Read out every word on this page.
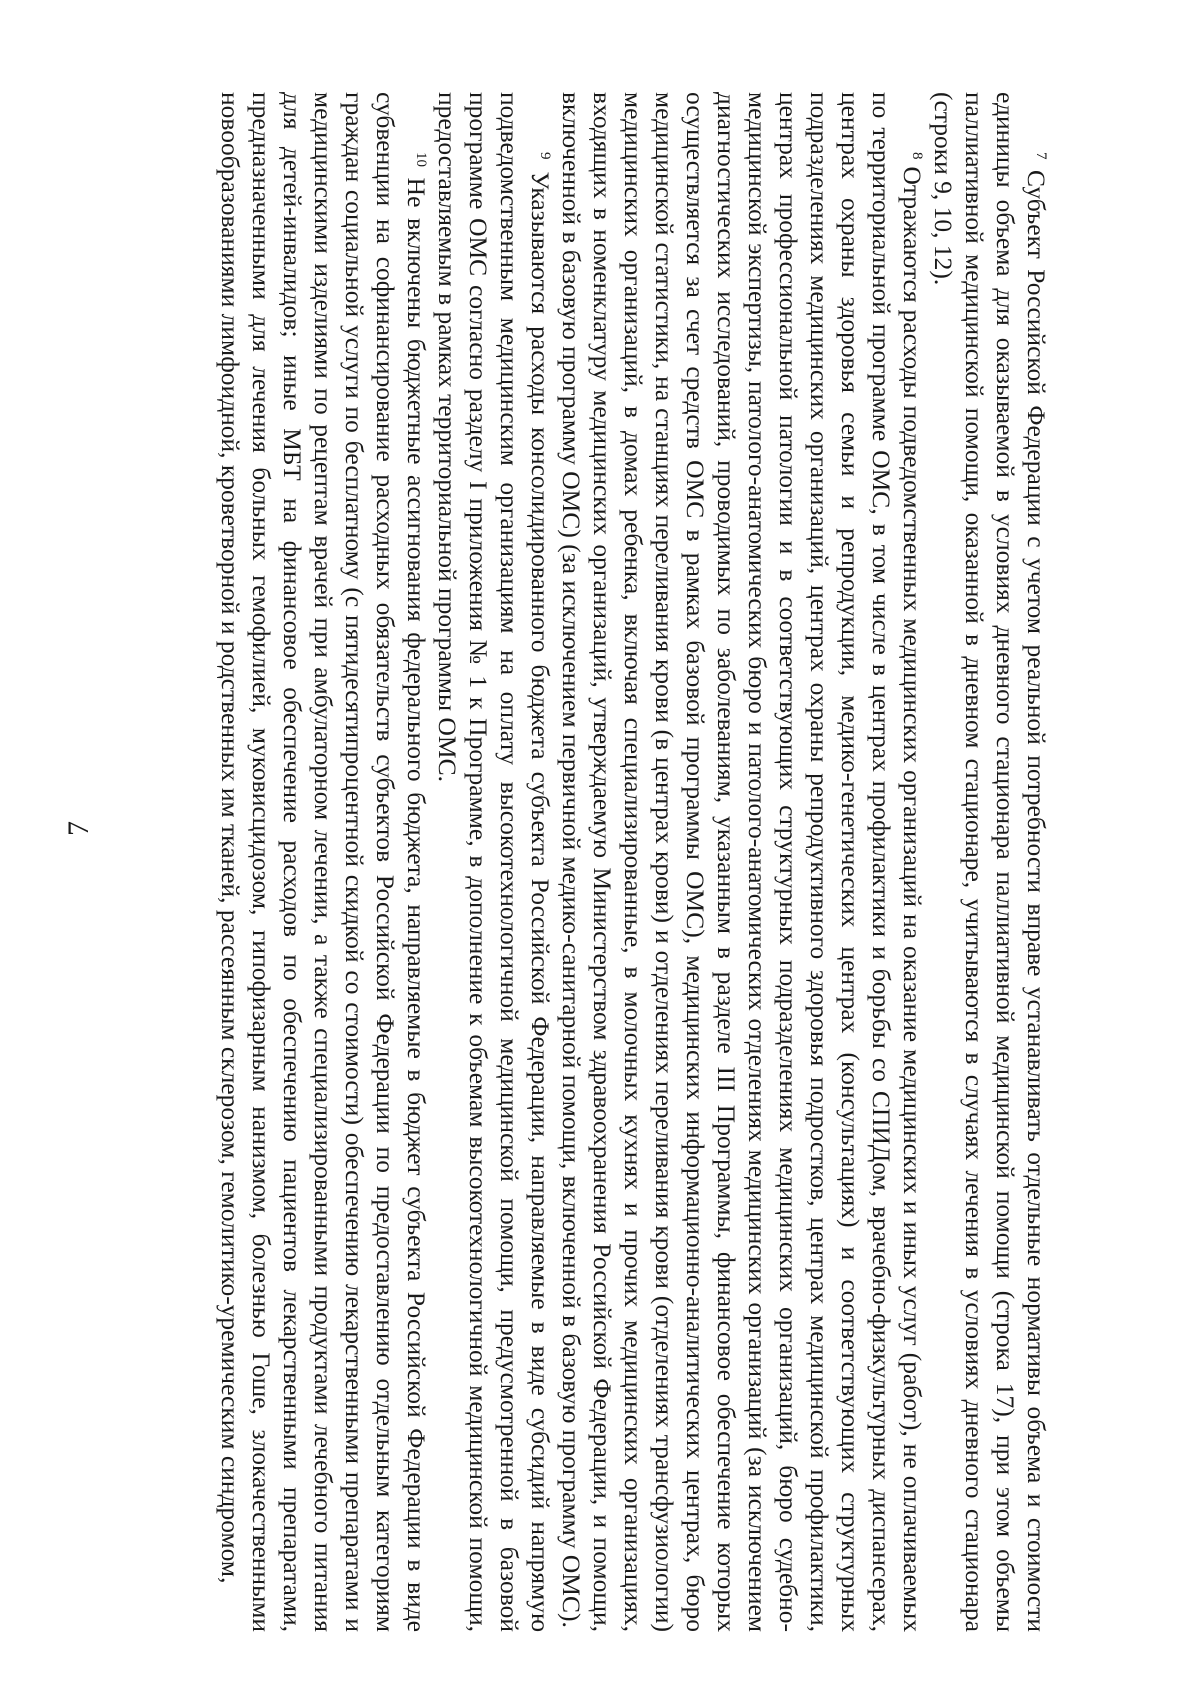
7

$^7$ Субъект Российской Федерации с учетом реальной потребности вправе устанавливать отдельные нормативы объема и стоимости единицы объема для оказываемой в условиях дневного стационара паллиативной медицинской помощи (строка 17), при этом объемы паллиативной медицинской помощи, оказанной в дневном стационаре, учитываются в случаях лечения в условиях дневного стационара (строки 9, 10, 12).

$^8$ Отражаются расходы подведомственных медицинских организаций на оказание медицинских и иных услуг (работ), не оплачиваемых по территориальной программе ОМС, в том числе в центрах профилактики и борьбы со СПИДом, врачебно-физкультурных диспансерах, центрах охраны здоровья семьи и репродукции, медико-генетических центрах (консультациях) и соответствующих структурных подразделениях медицинских организаций, центрах охраны репродуктивного здоровья подростков, центрах медицинской профилактики, центрах профессиональной патологии и в соответствующих структурных подразделениях медицинских организаций, бюро судебно-медицинской экспертизы, патолого-анатомических бюро и патолого-анатомических отделениях медицинских организаций (за исключением диагностических исследований, проводимых по заболеваниям, указанным в разделе III Программы, финансовое обеспечение которых осуществляется за счет средств ОМС в рамках базовой программы ОМС), медицинских информационно-аналитических центрах, бюро медицинской статистики, на станциях переливания крови (в центрах крови) и отделениях переливания крови (отделениях трансфузиологии) медицинских организаций, в домах ребенка, включая специализированные, в молочных кухнях и прочих медицинских организациях, входящих в номенклатуру медицинских организаций, утверждаемую Министерством здравоохранения Российской Федерации, и помощи, включенной в базовую программу ОМС) (за исключением первичной медико-санитарной помощи, включенной в базовую программу ОМС).

$^9$ Указываются расходы консолидированного бюджета субъекта Российской Федерации, направляемые в виде субсидий напрямую подведомственным медицинским организациям на оплату высокотехнологичной медицинской помощи, предусмотренной в базовой программе ОМС согласно разделу I приложения № 1 к Программе, в дополнение к объемам высокотехнологичной медицинской помощи, предоставляемым в рамках территориальной программы ОМС.

$^{10}$ Не включены бюджетные ассигнования федерального бюджета, направляемые в бюджет субъекта Российской Федерации в виде субвенции на софинансирование расходных обязательств субъектов Российской Федерации по предоставлению отдельным категориям граждан социальной услуги по бесплатному (с пятидесятипроцентной скидкой со стоимости) обеспечению лекарственными препаратами и медицинскими изделиями по рецептам врачей при амбулаторном лечении, а также специализированными продуктами лечебного питания для детей-инвалидов; иные МБТ на финансовое обеспечение расходов по обеспечению пациентов лекарственными препаратами, предназначенными для лечения больных гемофилией, муковисцидозом, гипофизарным нанизмом, болезнью Гоше, злокачественными новообразованиями лимфоидной, кроветворной и родственных им тканей, рассеянным склерозом, гемолитико-уремическим синдромом,
